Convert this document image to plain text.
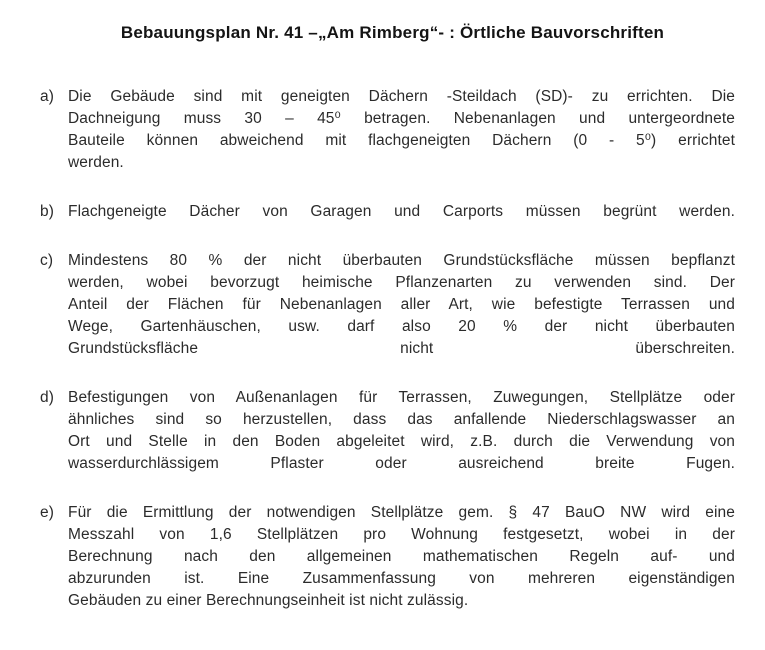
Bebauungsplan Nr. 41 –„Am Rimberg“- : Örtliche Bauvorschriften
a) Die Gebäude sind mit geneigten Dächern -Steildach (SD)- zu errichten. Die
Dachneigung muss 30 – 45⁰ betragen. Nebenanlagen und untergeordnete
Bauteile können abweichend mit flachgeneigten Dächern (0 - 5⁰) errichtet
werden.
b) Flachgeneigte Dächer von Garagen und Carports müssen begrünt werden.
c) Mindestens 80 % der nicht überbauten Grundstücksfläche müssen bepflanzt
werden, wobei bevorzugt heimische Pflanzenarten zu verwenden sind. Der
Anteil der Flächen für Nebenanlagen aller Art, wie befestigte Terrassen und
Wege, Gartenhäuschen, usw. darf also 20 % der nicht überbauten
Grundstücksfläche nicht überschreiten.
d) Befestigungen von Außenanlagen für Terrassen, Zuwegungen, Stellplätze oder
ähnliches sind so herzustellen, dass das anfallende Niederschlagswasser an
Ort und Stelle in den Boden abgeleitet wird, z.B. durch die Verwendung von
wasserdurchlässigem Pflaster oder ausreichend breite Fugen.
e) Für die Ermittlung der notwendigen Stellplätze gem. § 47 BauO NW wird eine
Messzahl von 1,6 Stellplätzen pro Wohnung festgesetzt, wobei in der
Berechnung nach den allgemeinen mathematischen Regeln auf- und
abzurunden ist. Eine Zusammenfassung von mehreren eigenständigen
Gebäuden zu einer Berechnungseinheit ist nicht zulässig.
